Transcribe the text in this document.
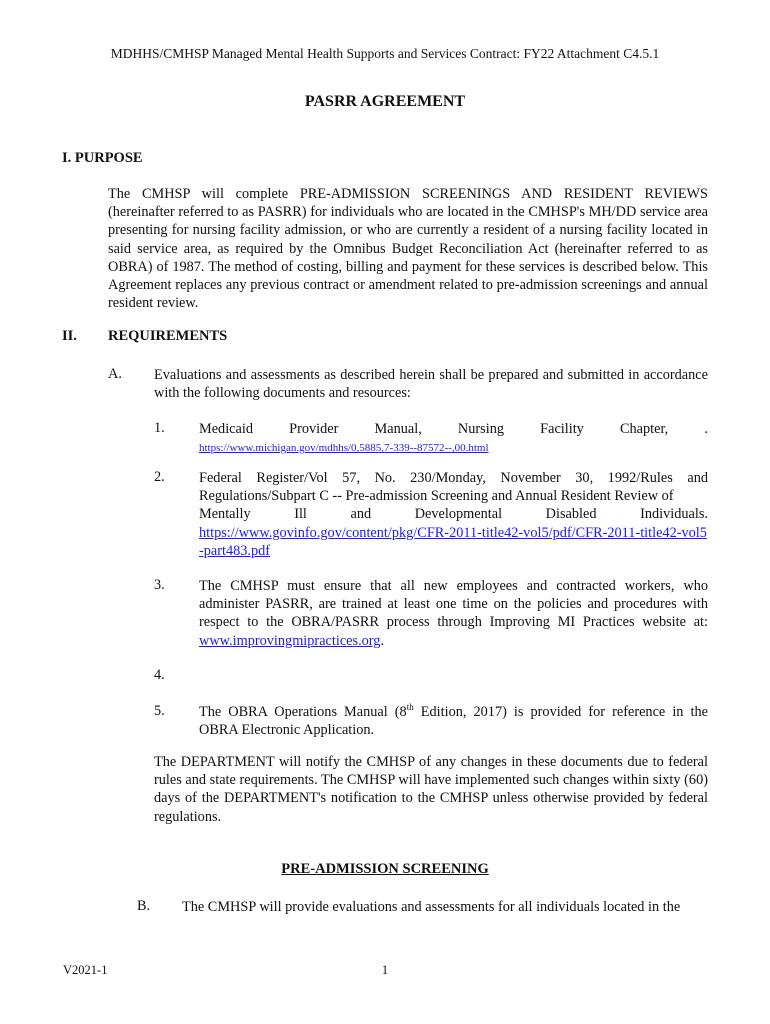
MDHHS/CMHSP Managed Mental Health Supports and Services Contract: FY22 Attachment C4.5.1
PASRR AGREEMENT
I. PURPOSE
The CMHSP will complete PRE-ADMISSION SCREENINGS AND RESIDENT REVIEWS (hereinafter referred to as PASRR) for individuals who are located in the CMHSP's MH/DD service area presenting for nursing facility admission, or who are currently a resident of a nursing facility located in said service area, as required by the Omnibus Budget Reconciliation Act (hereinafter referred to as OBRA) of 1987. The method of costing, billing and payment for these services is described below. This Agreement replaces any previous contract or amendment related to pre-admission screenings and annual resident review.
II. REQUIREMENTS
A. Evaluations and assessments as described herein shall be prepared and submitted in accordance with the following documents and resources:
1. Medicaid	Provider	Manual,	Nursing	Facility	Chapter,	.
https://www.michigan.gov/mdhhs/0,5885,7-339--87572--,00.html
2. Federal Register/Vol 57, No. 230/Monday, November 30, 1992/Rules and Regulations/Subpart C -- Pre-admission Screening and Annual Resident Review of
Mentally	Ill	and	Developmental	Disabled	Individuals.
https://www.govinfo.gov/content/pkg/CFR-2011-title42-vol5/pdf/CFR-2011-title42-vol5-part483.pdf
3. The CMHSP must ensure that all new employees and contracted workers, who administer PASRR, are trained at least one time on the policies and procedures with respect to the OBRA/PASRR process through Improving MI Practices website at: www.improvingmipractices.org.
4.
5. The OBRA Operations Manual (8th Edition, 2017) is provided for reference in the OBRA Electronic Application.
The DEPARTMENT will notify the CMHSP of any changes in these documents due to federal rules and state requirements. The CMHSP will have implemented such changes within sixty (60) days of the DEPARTMENT's notification to the CMHSP unless otherwise provided by federal regulations.
PRE-ADMISSION SCREENING
B. The CMHSP will provide evaluations and assessments for all individuals located in the
V2021-1	1
